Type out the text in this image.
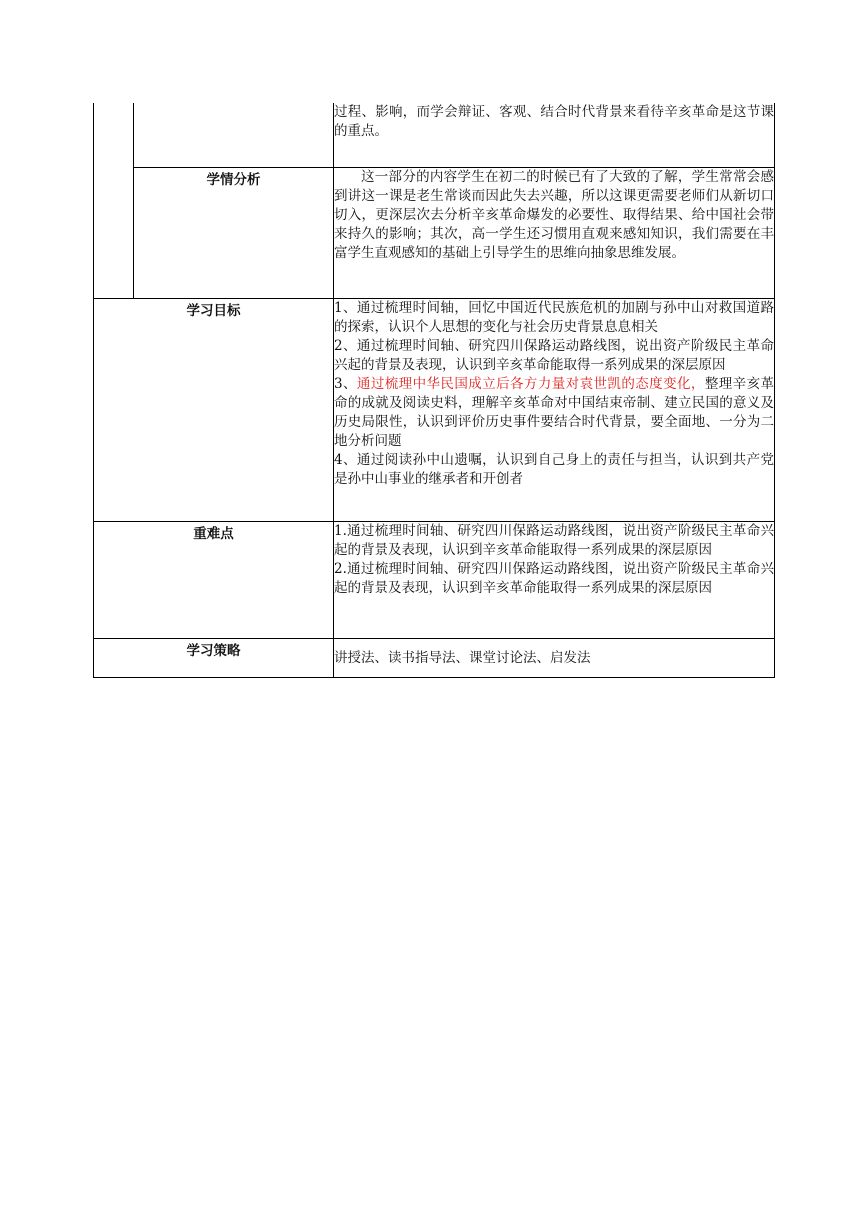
		过程、影响，而学会辩证、客观、结合时代背景来看待辛亥革命是这节课的重点。

	学情分析	这一部分的内容学生在初二的时候已有了大致的了解，学生常常会感到讲这一课是老生常谈而因此失去兴趣，所以这课更需要老师们从新切口切入，更深层次去分析辛亥革命爆发的必要性、取得结果、给中国社会带来持久的影响；其次，高一学生还习惯用直观来感知知识，我们需要在丰富学生直观感知的基础上引导学生的思维向抽象思维发展。

学习目标		1、通过梳理时间轴，回忆中国近代民族危机的加剧与孙中山对救国道路的探索，认识个人思想的变化与社会历史背景息息相关
2、通过梳理时间轴、研究四川保路运动路线图，说出资产阶级民主革命兴起的背景及表现，认识到辛亥革命能取得一系列成果的深层原因
3、通过梳理中华民国成立后各方力量对袁世凯的态度变化，整理辛亥革命的成就及阅读史料，理解辛亥革命对中国结束帝制、建立民国的意义及历史局限性，认识到评价历史事件要结合时代背景，要全面地、一分为二地分析问题
4、通过阅读孙中山遗嘱，认识到自己身上的责任与担当，认识到共产党是孙中山事业的继承者和开创者

重难点		1.通过梳理时间轴、研究四川保路运动路线图，说出资产阶级民主革命兴起的背景及表现，认识到辛亥革命能取得一系列成果的深层原因
2.通过梳理时间轴、研究四川保路运动路线图，说出资产阶级民主革命兴起的背景及表现，认识到辛亥革命能取得一系列成果的深层原因

学习策略		讲授法、读书指导法、课堂讨论法、启发法
